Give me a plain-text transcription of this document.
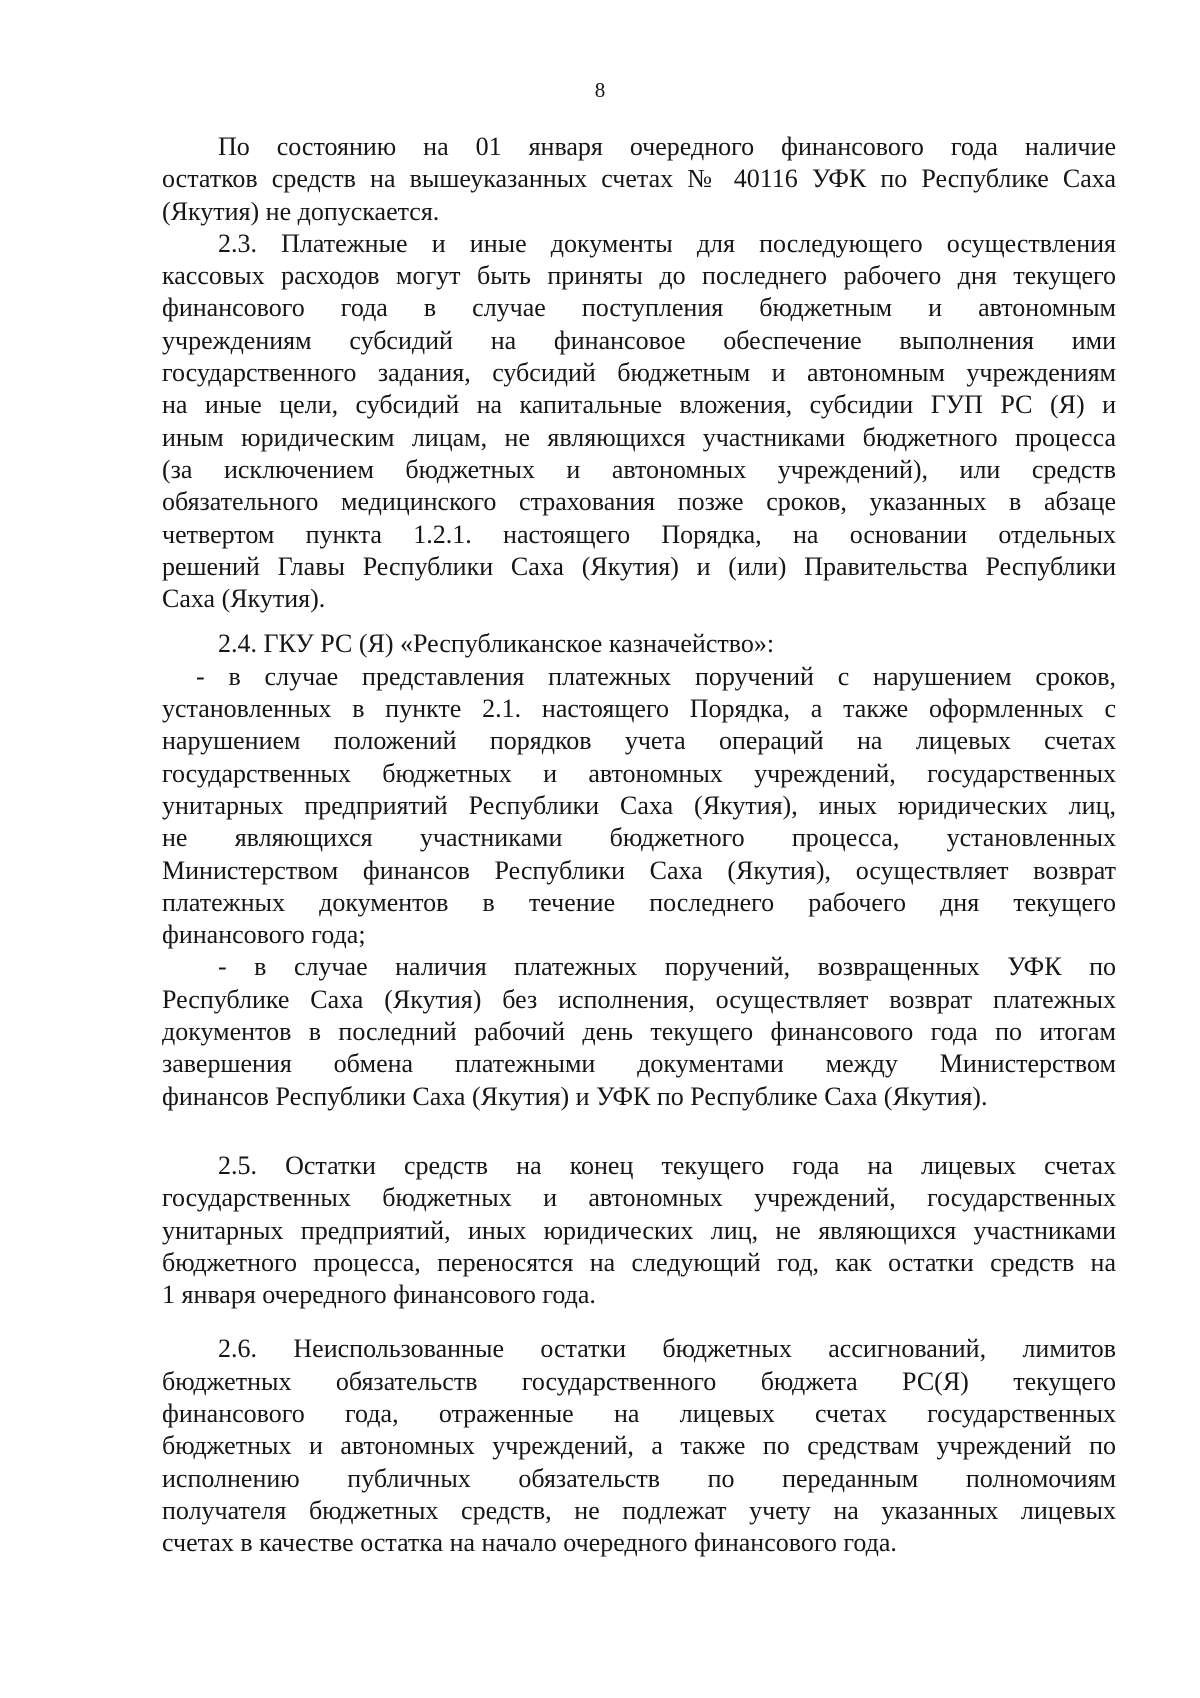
8
По состоянию на 01 января очередного финансового года наличие
остатков средств на вышеуказанных счетах № 40116 УФК по Республике Саха
(Якутия) не допускается.
2.3. Платежные и иные документы для последующего осуществления
кассовых расходов могут быть приняты до последнего рабочего дня текущего
финансового года в случае поступления бюджетным и автономным
учреждениям субсидий на финансовое обеспечение выполнения ими
государственного задания, субсидий бюджетным и автономным учреждениям
на иные цели, субсидий на капитальные вложения, субсидии ГУП РС (Я) и
иным юридическим лицам, не являющихся участниками бюджетного процесса
(за исключением бюджетных и автономных учреждений), или средств
обязательного медицинского страхования позже сроков, указанных в абзаце
четвертом пункта 1.2.1. настоящего Порядка, на основании отдельных
решений Главы Республики Саха (Якутия) и (или) Правительства Республики
Саха (Якутия).
2.4. ГКУ РС (Я) «Республиканское казначейство»:
- в случае представления платежных поручений с нарушением сроков,
установленных в пункте 2.1. настоящего Порядка, а также оформленных с
нарушением положений порядков учета операций на лицевых счетах
государственных бюджетных и автономных учреждений, государственных
унитарных предприятий Республики Саха (Якутия), иных юридических лиц,
не являющихся участниками бюджетного процесса, установленных
Министерством финансов Республики Саха (Якутия), осуществляет возврат
платежных документов в течение последнего рабочего дня текущего
финансового года;
- в случае наличия платежных поручений, возвращенных УФК по
Республике Саха (Якутия) без исполнения, осуществляет возврат платежных
документов в последний рабочий день текущего финансового года по итогам
завершения обмена платежными документами между Министерством
финансов Республики Саха (Якутия) и УФК по Республике Саха (Якутия).
2.5. Остатки средств на конец текущего года на лицевых счетах
государственных бюджетных и автономных учреждений, государственных
унитарных предприятий, иных юридических лиц, не являющихся участниками
бюджетного процесса, переносятся на следующий год, как остатки средств на
1 января очередного финансового года.
2.6. Неиспользованные остатки бюджетных ассигнований, лимитов
бюджетных обязательств государственного бюджета РС(Я) текущего
финансового года, отраженные на лицевых счетах государственных
бюджетных и автономных учреждений, а также по средствам учреждений по
исполнению публичных обязательств по переданным полномочиям
получателя бюджетных средств, не подлежат учету на указанных лицевых
счетах в качестве остатка на начало очередного финансового года.
